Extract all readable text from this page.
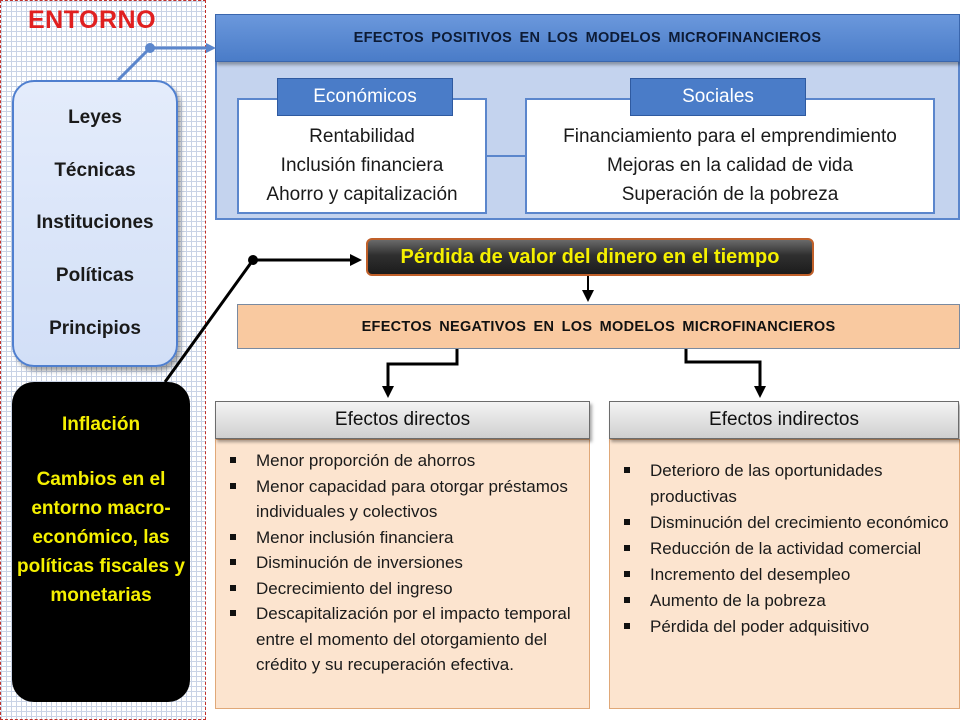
ENTORNO
Leyes
Técnicas
Instituciones
Políticas
Principios
Inflación
Cambios en el entorno macro-económico, las políticas fiscales y monetarias
EFECTOS POSITIVOS EN LOS MODELOS MICROFINANCIEROS
Rentabilidad
Inclusión financiera
Ahorro y capitalización
Económicos
Financiamiento para el emprendimiento
Mejoras en la calidad de vida
Superación de la pobreza
Sociales
Pérdida de valor del dinero en el tiempo
EFECTOS NEGATIVOS EN LOS MODELOS MICROFINANCIEROS
Menor proporción de ahorros
Menor capacidad para otorgar préstamos individuales y colectivos
Menor inclusión financiera
Disminución de inversiones
Decrecimiento del ingreso
Descapitalización por el impacto temporal entre el momento del otorgamiento del crédito y su recuperación efectiva.
Efectos directos
Deterioro de las oportunidades productivas
Disminución del crecimiento económico
Reducción de la actividad comercial
Incremento del desempleo
Aumento de la pobreza
Pérdida del poder adquisitivo
Efectos indirectos
